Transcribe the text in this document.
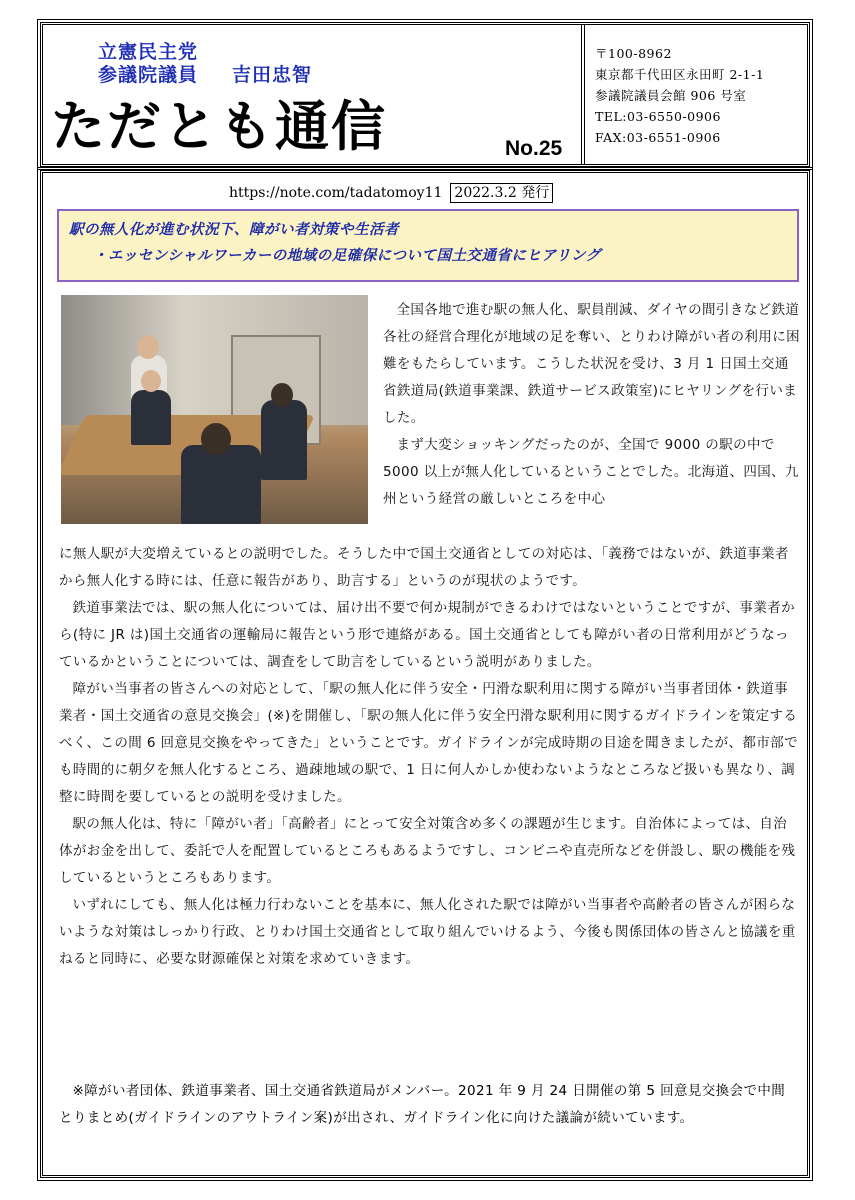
立憲民主党
参議院議員 吉田忠智
ただとも通信	No.25
〒100-8962
東京都千代田区永田町 2-1-1
参議院議員会館 906 号室
TEL:03-6550-0906
FAX:03-6551-0906
https://note.com/tadatomoy11 2022.3.2 発行
駅の無人化が進む状況下、障がい者対策や生活者
・エッセンシャルワーカーの地域の足確保について国土交通省にヒアリング

全国各地で進む駅の無人化、駅員削減、ダイヤの間引きなど鉄道各社の経営合理化が地域の足を奪い、とりわけ障がい者の利用に困難をもたらしています。こうした状況を受け、3 月 1 日国土交通省鉄道局(鉄道事業課、鉄道サービス政策室)にヒヤリングを行いました。

まず大変ショッキングだったのが、全国で 9000 の駅の中で 5000 以上が無人化しているということでした。北海道、四国、九州という経営の厳しいところを中心

に無人駅が大変増えているとの説明でした。そうした中で国土交通省としての対応は、「義務ではないが、鉄道事業者から無人化する時には、任意に報告があり、助言する」というのが現状のようです。

鉄道事業法では、駅の無人化については、届け出不要で何か規制ができるわけではないということですが、事業者から(特に JR は)国土交通省の運輸局に報告という形で連絡がある。国土交通省としても障がい者の日常利用がどうなっているかということについては、調査をして助言をしているという説明がありました。

障がい当事者の皆さんへの対応として、「駅の無人化に伴う安全・円滑な駅利用に関する障がい当事者団体・鉄道事業者・国土交通省の意見交換会」(※)を開催し、「駅の無人化に伴う安全円滑な駅利用に関するガイドラインを策定するべく、この間 6 回意見交換をやってきた」ということです。ガイドラインが完成時期の目途を聞きましたが、都市部でも時間的に朝夕を無人化するところ、過疎地域の駅で、1 日に何人かしか使わないようなところなど扱いも異なり、調整に時間を要しているとの説明を受けました。

駅の無人化は、特に「障がい者」「高齢者」にとって安全対策含め多くの課題が生じます。自治体によっては、自治体がお金を出して、委託で人を配置しているところもあるようですし、コンビニや直売所などを併設し、駅の機能を残しているというところもあります。

いずれにしても、無人化は極力行わないことを基本に、無人化された駅では障がい当事者や高齢者の皆さんが困らないような対策はしっかり行政、とりわけ国土交通省として取り組んでいけるよう、今後も関係団体の皆さんと協議を重ねると同時に、必要な財源確保と対策を求めていきます。

※障がい者団体、鉄道事業者、国土交通省鉄道局がメンバー。2021 年 9 月 24 日開催の第 5 回意見交換会で中間とりまとめ(ガイドラインのアウトライン案)が出され、ガイドライン化に向けた議論が続いています。
